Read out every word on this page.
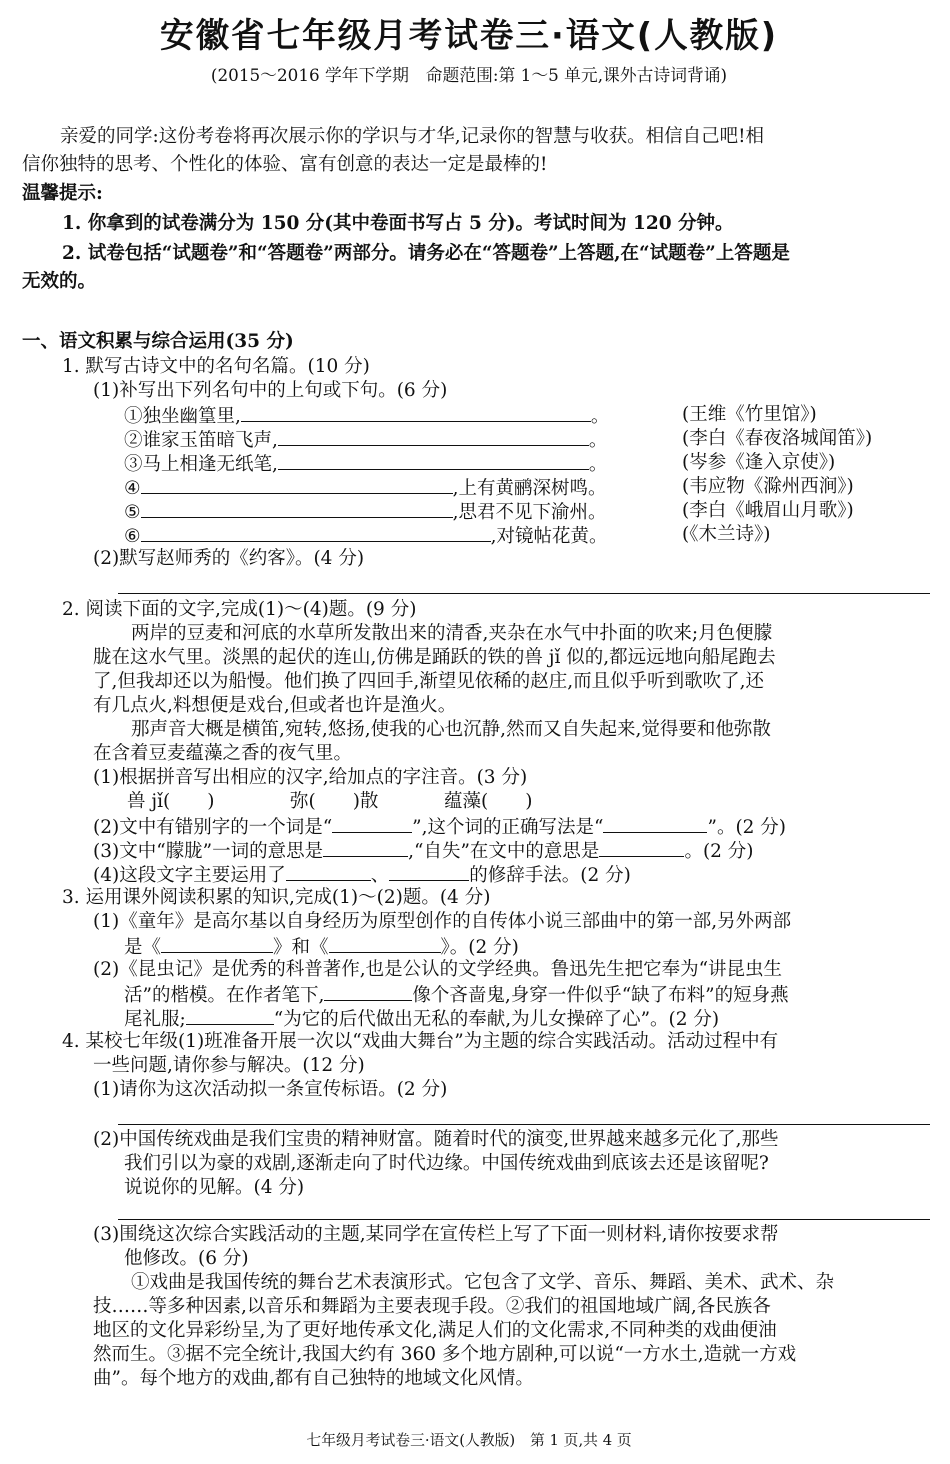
安徽省七年级月考试卷三·语文(人教版)
(2015～2016 学年下学期　命题范围:第 1～5 单元,课外古诗词背诵)
亲爱的同学:这份考卷将再次展示你的学识与才华,记录你的智慧与收获。相信自己吧!相
信你独特的思考、个性化的体验、富有创意的表达一定是最棒的!
温馨提示:
1. 你拿到的试卷满分为 150 分(其中卷面书写占 5 分)。考试时间为 120 分钟。
2. 试卷包括“试题卷”和“答题卷”两部分。请务必在“答题卷”上答题,在“试题卷”上答题是
无效的。
一、语文积累与综合运用(35 分)
1. 默写古诗文中的名句名篇。(10 分)
(1)补写出下列名句中的上句或下句。(6 分)
①独坐幽篁里,	。	(王维《竹里馆》)
②谁家玉笛暗飞声,	。	(李白《春夜洛城闻笛》)
③马上相逢无纸笔,	。	(岑参《逢入京使》)
④	,上有黄鹂深树鸣。	(韦应物《滁州西涧》)
⑤	,思君不见下渝州。	(李白《峨眉山月歌》)
⑥	,对镜帖花黄。	(《木兰诗》)
(2)默写赵师秀的《约客》。(4 分)
2. 阅读下面的文字,完成(1)～(4)题。(9 分)
两岸的豆麦和河底的水草所发散出来的清香,夹杂在水气中扑面的吹来;月色便朦
胧在这水气里。淡黑的起伏的连山,仿佛是踊跃的铁的兽 jǐ 似的,都远远地向船尾跑去
了,但我却还以为船慢。他们换了四回手,渐望见依稀的赵庄,而且似乎听到歌吹了,还
有几点火,料想便是戏台,但或者也许是渔火。
那声音大概是横笛,宛转,悠扬,使我的心也沉静,然而又自失起来,觉得要和他弥散
在含着豆麦蕴藻之香的夜气里。
(1)根据拼音写出相应的汉字,给加点的字注音。(3 分)
兽 jǐ(　　)	弥(　　)散	蕴藻(　　)
(2)文中有错别字的一个词是“	”,这个词的正确写法是“	”。(2 分)
(3)文中“朦胧”一词的意思是	,“自失”在文中的意思是	。(2 分)
(4)这段文字主要运用了	、	的修辞手法。(2 分)
3. 运用课外阅读积累的知识,完成(1)～(2)题。(4 分)
(1)《童年》是高尔基以自身经历为原型创作的自传体小说三部曲中的第一部,另外两部
是《	》和《	》。(2 分)
(2)《昆虫记》是优秀的科普著作,也是公认的文学经典。鲁迅先生把它奉为“讲昆虫生
活”的楷模。在作者笔下,	像个吝啬鬼,身穿一件似乎“缺了布料”的短身燕
尾礼服;	“为它的后代做出无私的奉献,为儿女操碎了心”。(2 分)
4. 某校七年级(1)班准备开展一次以“戏曲大舞台”为主题的综合实践活动。活动过程中有
一些问题,请你参与解决。(12 分)
(1)请你为这次活动拟一条宣传标语。(2 分)
(2)中国传统戏曲是我们宝贵的精神财富。随着时代的演变,世界越来越多元化了,那些
我们引以为豪的戏剧,逐渐走向了时代边缘。中国传统戏曲到底该去还是该留呢?
说说你的见解。(4 分)
(3)围绕这次综合实践活动的主题,某同学在宣传栏上写了下面一则材料,请你按要求帮
他修改。(6 分)
①戏曲是我国传统的舞台艺术表演形式。它包含了文学、音乐、舞蹈、美术、武术、杂
技……等多种因素,以音乐和舞蹈为主要表现手段。②我们的祖国地域广阔,各民族各
地区的文化异彩纷呈,为了更好地传承文化,满足人们的文化需求,不同种类的戏曲便油
然而生。③据不完全统计,我国大约有 360 多个地方剧种,可以说“一方水土,造就一方戏
曲”。每个地方的戏曲,都有自己独特的地域文化风情。
七年级月考试卷三·语文(人教版)　第 1 页,共 4 页
